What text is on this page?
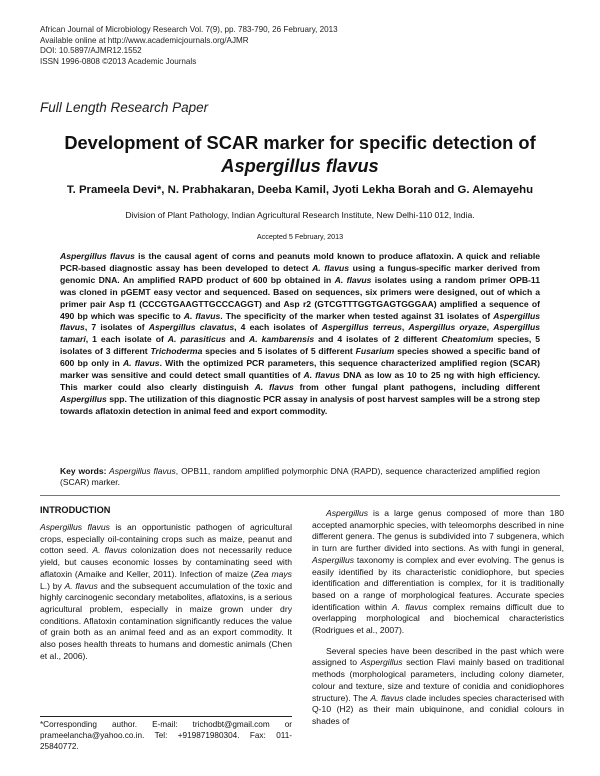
African Journal of Microbiology Research Vol. 7(9), pp. 783-790, 26 February, 2013
Available online at http://www.academicjournals.org/AJMR
DOI: 10.5897/AJMR12.1552
ISSN 1996-0808 ©2013 Academic Journals
Full Length Research Paper
Development of SCAR marker for specific detection of
Aspergillus flavus
T. Prameela Devi*, N. Prabhakaran, Deeba Kamil, Jyoti Lekha Borah and G. Alemayehu
Division of Plant Pathology, Indian Agricultural Research Institute, New Delhi-110 012, India.
Accepted 5 February, 2013

Aspergillus flavus is the causal agent of corns and peanuts mold known to produce aflatoxin. A quick and reliable PCR-based diagnostic assay has been developed to detect A. flavus using a fungus-specific marker derived from genomic DNA. An amplified RAPD product of 600 bp obtained in A. flavus isolates using a random primer OPB-11 was cloned in pGEMT easy vector and sequenced. Based on sequences, six primers were designed, out of which a primer pair Asp f1 (CCCGTGAAGTTGCCCAGGT) and Asp r2 (GTCGTTTGGTGAGTGGGAA) amplified a sequence of 490 bp which was specific to A. flavus. The specificity of the marker when tested against 31 isolates of Aspergillus flavus, 7 isolates of Aspergillus clavatus, 4 each isolates of Aspergillus terreus, Aspergillus oryaze, Aspergillus tamari, 1 each isolate of A. parasiticus and A. kambarensis and 4 isolates of 2 different Cheatomium species, 5 isolates of 3 different Trichoderma species and 5 isolates of 5 different Fusarium species showed a specific band of 600 bp only in A. flavus. With the optimized PCR parameters, this sequence characterized amplified region (SCAR) marker was sensitive and could detect small quantities of A. flavus DNA as low as 10 to 25 ng with high efficiency. This marker could also clearly distinguish A. flavus from other fungal plant pathogens, including different Aspergillus spp. The utilization of this diagnostic PCR assay in analysis of post harvest samples will be a strong step towards aflatoxin detection in animal feed and export commodity.

Key words: Aspergillus flavus, OPB11, random amplified polymorphic DNA (RAPD), sequence characterized amplified region (SCAR) marker.
INTRODUCTION

Aspergillus flavus is an opportunistic pathogen of agricultural crops, especially oil-containing crops such as maize, peanut and cotton seed. A. flavus colonization does not necessarily reduce yield, but causes economic losses by contaminating seed with aflatoxin (Amaike and Keller, 2011). Infection of maize (Zea mays L.) by A. flavus and the subsequent accumulation of the toxic and highly carcinogenic secondary metabolites, aflatoxins, is a serious agricultural problem, especially in maize grown under dry conditions. Aflatoxin contamination significantly reduces the value of grain both as an animal feed and as an export commodity. It also poses health threats to humans and domestic animals (Chen et al., 2006).

Aspergillus is a large genus composed of more than 180 accepted anamorphic species, with teleomorphs described in nine different genera. The genus is subdivided into 7 subgenera, which in turn are further divided into sections. As with fungi in general, Aspergillus taxonomy is complex and ever evolving. The genus is easily identified by its characteristic conidiophore, but species identification and differentiation is complex, for it is traditionally based on a range of morphological features. Accurate species identification within A. flavus complex remains difficult due to overlapping morphological and biochemical characteristics (Rodrigues et al., 2007).

Several species have been described in the past which were assigned to Aspergillus section Flavi mainly based on traditional methods (morphological parameters, including colony diameter, colour and texture, size and texture of conidia and conidiophores structure). The A. flavus clade includes species characterised with Q-10 (H2) as their main ubiquinone, and conidial colours in shades of

*Corresponding author. E-mail: trichodbt@gmail.com or prameelancha@yahoo.co.in. Tel: +919871980304. Fax: 011-25840772.
